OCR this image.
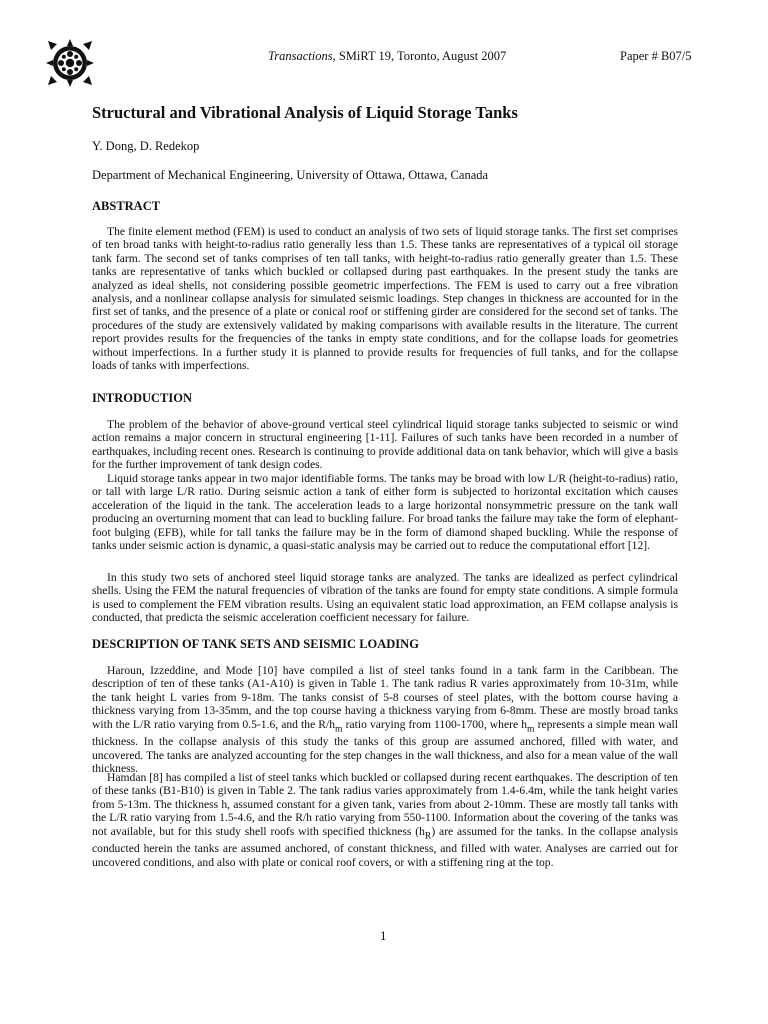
Transactions, SMiRT 19, Toronto, August 2007	Paper # B07/5
Structural and Vibrational Analysis of Liquid Storage Tanks
Y. Dong, D. Redekop
Department of Mechanical Engineering, University of Ottawa, Ottawa, Canada
ABSTRACT

The finite element method (FEM) is used to conduct an analysis of two sets of liquid storage tanks. The first set comprises of ten broad tanks with height-to-radius ratio generally less than 1.5. These tanks are representatives of a typical oil storage tank farm. The second set of tanks comprises of ten tall tanks, with height-to-radius ratio generally greater than 1.5. These tanks are representative of tanks which buckled or collapsed during past earthquakes. In the present study the tanks are analyzed as ideal shells, not considering possible geometric imperfections. The FEM is used to carry out a free vibration analysis, and a nonlinear collapse analysis for simulated seismic loadings. Step changes in thickness are accounted for in the first set of tanks, and the presence of a plate or conical roof or stiffening girder are considered for the second set of tanks. The procedures of the study are extensively validated by making comparisons with available results in the literature. The current report provides results for the frequencies of the tanks in empty state conditions, and for the collapse loads for geometries without imperfections. In a further study it is planned to provide results for frequencies of full tanks, and for the collapse loads of tanks with imperfections.

INTRODUCTION

The problem of the behavior of above-ground vertical steel cylindrical liquid storage tanks subjected to seismic or wind action remains a major concern in structural engineering [1-11]. Failures of such tanks have been recorded in a number of earthquakes, including recent ones. Research is continuing to provide additional data on tank behavior, which will give a basis for the further improvement of tank design codes.

Liquid storage tanks appear in two major identifiable forms. The tanks may be broad with low L/R (height-to-radius) ratio, or tall with large L/R ratio. During seismic action a tank of either form is subjected to horizontal excitation which causes acceleration of the liquid in the tank. The acceleration leads to a large horizontal nonsymmetric pressure on the tank wall producing an overturning moment that can lead to buckling failure. For broad tanks the failure may take the form of elephant-foot bulging (EFB), while for tall tanks the failure may be in the form of diamond shaped buckling. While the response of tanks under seismic action is dynamic, a quasi-static analysis may be carried out to reduce the computational effort [12].

In this study two sets of anchored steel liquid storage tanks are analyzed. The tanks are idealized as perfect cylindrical shells. Using the FEM the natural frequencies of vibration of the tanks are found for empty state conditions. A simple formula is used to complement the FEM vibration results. Using an equivalent static load approximation, an FEM collapse analysis is conducted, that predicta the seismic acceleration coefficient necessary for failure.

DESCRIPTION OF TANK SETS AND SEISMIC LOADING

Haroun, Izzeddine, and Mode [10] have compiled a list of steel tanks found in a tank farm in the Caribbean. The description of ten of these tanks (A1-A10) is given in Table 1. The tank radius R varies approximately from 10-31m, while the tank height L varies from 9-18m. The tanks consist of 5-8 courses of steel plates, with the bottom course having a thickness varying from 13-35mm, and the top course having a thickness varying from 6-8mm. These are mostly broad tanks with the L/R ratio varying from 0.5-1.6, and the $R/h_m$ ratio varying from 1100-1700, where $h_m$ represents a simple mean wall thickness. In the collapse analysis of this study the tanks of this group are assumed anchored, filled with water, and uncovered. The tanks are analyzed accounting for the step changes in the wall thickness, and also for a mean value of the wall thickness.

Hamdan [8] has compiled a list of steel tanks which buckled or collapsed during recent earthquakes. The description of ten of these tanks (B1-B10) is given in Table 2. The tank radius varies approximately from 1.4-6.4m, while the tank height varies from 5-13m. The thickness h, assumed constant for a given tank, varies from about 2-10mm. These are mostly tall tanks with the L/R ratio varying from 1.5-4.6, and the R/h ratio varying from 550-1100. Information about the covering of the tanks was not available, but for this study shell roofs with specified thickness $(h_R)$ are assumed for the tanks. In the collapse analysis conducted herein the tanks are assumed anchored, of constant thickness, and filled with water. Analyses are carried out for uncovered conditions, and also with plate or conical roof covers, or with a stiffening ring at the top.

1
